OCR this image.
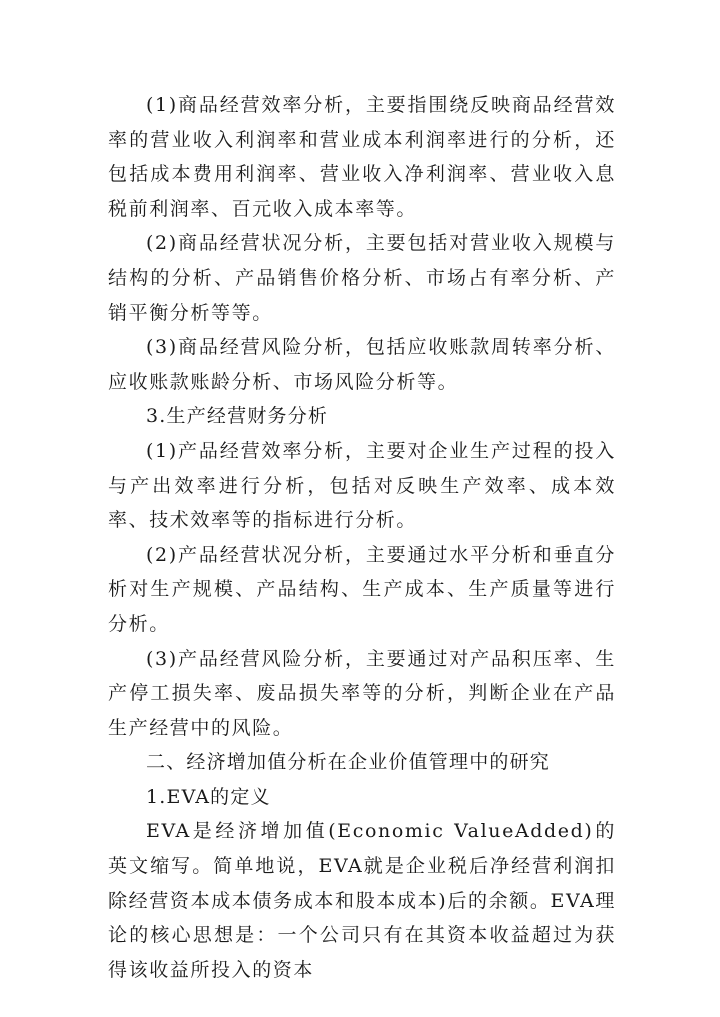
(1)商品经营效率分析，主要指围绕反映商品经营效率的营业收入利润率和营业成本利润率进行的分析，还包括成本费用利润率、营业收入净利润率、营业收入息税前利润率、百元收入成本率等。

(2)商品经营状况分析，主要包括对营业收入规模与结构的分析、产品销售价格分析、市场占有率分析、产销平衡分析等等。

(3)商品经营风险分析，包括应收账款周转率分析、应收账款账龄分析、市场风险分析等。

3.生产经营财务分析

(1)产品经营效率分析，主要对企业生产过程的投入与产出效率进行分析，包括对反映生产效率、成本效率、技术效率等的指标进行分析。

(2)产品经营状况分析，主要通过水平分析和垂直分析对生产规模、产品结构、生产成本、生产质量等进行分析。

(3)产品经营风险分析，主要通过对产品积压率、生产停工损失率、废品损失率等的分析，判断企业在产品生产经营中的风险。

二、经济增加值分析在企业价值管理中的研究

1.EVA的定义

EVA是经济增加值(Economic ValueAdded)的英文缩写。简单地说，EVA就是企业税后净经营利润扣除经营资本成本债务成本和股本成本)后的余额。EVA理论的核心思想是：一个公司只有在其资本收益超过为获得该收益所投入的资本
